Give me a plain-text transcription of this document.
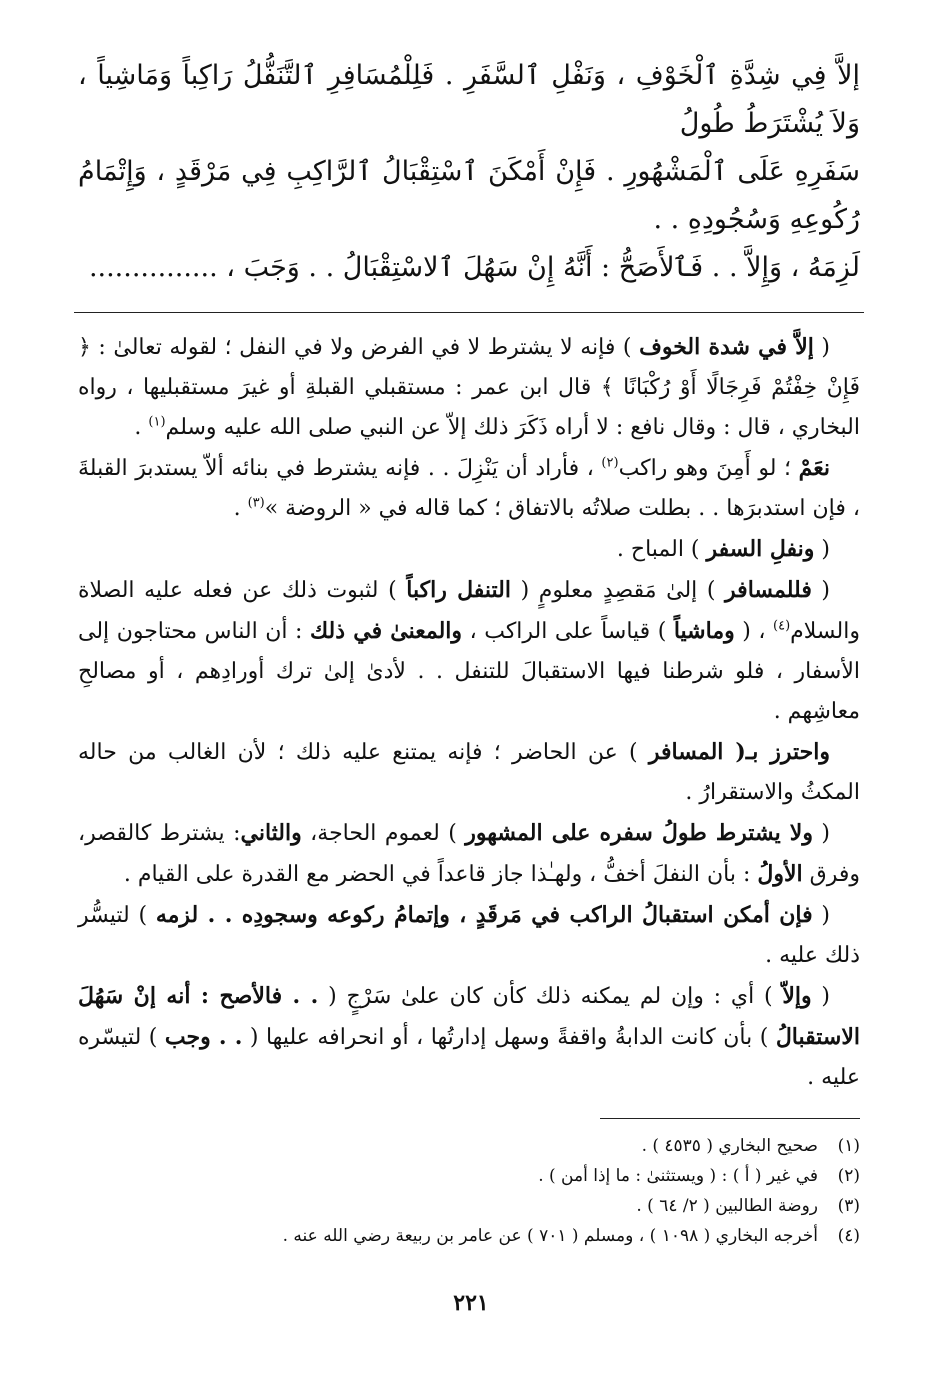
إلاَّ فِي شِدَّةِ ٱلْخَوْفِ ، وَنَفْلِ ٱلسَّفَرِ . فَلِلْمُسَافِرِ ٱلتَّنَفُّلُ رَاكِباً وَمَاشِياً ، وَلاَ يُشْتَرَطُ طُولُ

سَفَرِهِ عَلَى ٱلْمَشْهُورِ . فَإِنْ أَمْكَنَ ٱسْتِقْبَالُ ٱلرَّاكِبِ فِي مَرْقَدٍ ، وَإِتْمَامُ رُكُوعِهِ وَسُجُودِهِ . .

لَزِمَهُ ، وَإِلاَّ . . فَٱلأَصَحُّ : أَنَّهُ إِنْ سَهُلَ ٱلاسْتِقْبَالُ . . وَجَبَ ، ...............

( إلاَّ في شدة الخوف ) فإنه لا يشترط لا في الفرض ولا في النفل ؛ لقوله تعالىٰ : ﴿ فَإِنْ خِفْتُمْ فَرِجَالًا أَوْ رُكْبَانًا ﴾ قال ابن عمر : مستقبلي القبلةِ أو غيرَ مستقبليها ، رواه البخاري ، قال : وقال نافع : لا أراه ذَكَرَ ذلك إلاّ عن النبي صلى الله عليه وسلم$^{(١)}$ .

نعَمْ ؛ لو أَمِنَ وهو راكب$^{(٢)}$ ، فأراد أن يَنْزِلَ . . فإنه يشترط في بنائه ألاّ يستدبرَ القبلةَ ، فإن استدبرَها . . بطلت صلاتُه بالاتفاق ؛ كما قاله في « الروضة »$^{(٣)}$ .

( ونفلِ السفر ) المباح .

( فللمسافر ) إلىٰ مَقصِدٍ معلومٍ ( التنفل راكباً ) لثبوت ذلك عن فعله عليه الصلاة والسلام$^{(٤)}$ ، ( وماشياً ) قياساً على الراكب ، والمعنىٰ في ذلك : أن الناس محتاجون إلى الأسفار ، فلو شرطنا فيها الاستقبالَ للتنفل . . لأدىٰ إلىٰ ترك أورادِهم ، أو مصالحِ معاشِهم .

واحترز بـ( المسافر ) عن الحاضر ؛ فإنه يمتنع عليه ذلك ؛ لأن الغالب من حاله المكثُ والاستقرارُ .

( ولا يشترط طولُ سفره على المشهور ) لعموم الحاجة، والثاني: يشترط كالقصر، وفرق الأولُ : بأن النفلَ أخفُّ ، ولهـٰذا جاز قاعداً في الحضر مع القدرة على القيام .

( فإن أمكن استقبالُ الراكب في مَرقَدٍ ، وإتمامُ ركوعه وسجودِه . . لزمه ) لتيسُّر ذلك عليه .

( وإلاّ ) أي : وإن لم يمكنه ذلك كأن كان علىٰ سَرْجٍ ( . . فالأصح : أنه إنْ سَهُلَ الاستقبالُ ) بأن كانت الدابةُ واقفةً وسهل إدارتُها ، أو انحرافه عليها ( . . وجب ) لتيسّره عليه .

(١)
صحيح البخاري ( ٤٥٣٥ ) .
(٢)
في غير ( أ ) : ( ويستثنىٰ : ما إذا أمن ) .
(٣)
روضة الطالبين ( ٢/ ٦٤ ) .
(٤)
أخرجه البخاري ( ١٠٩٨ ) ، ومسلم ( ٧٠١ ) عن عامر بن ربيعة رضي الله عنه .
٢٢١
